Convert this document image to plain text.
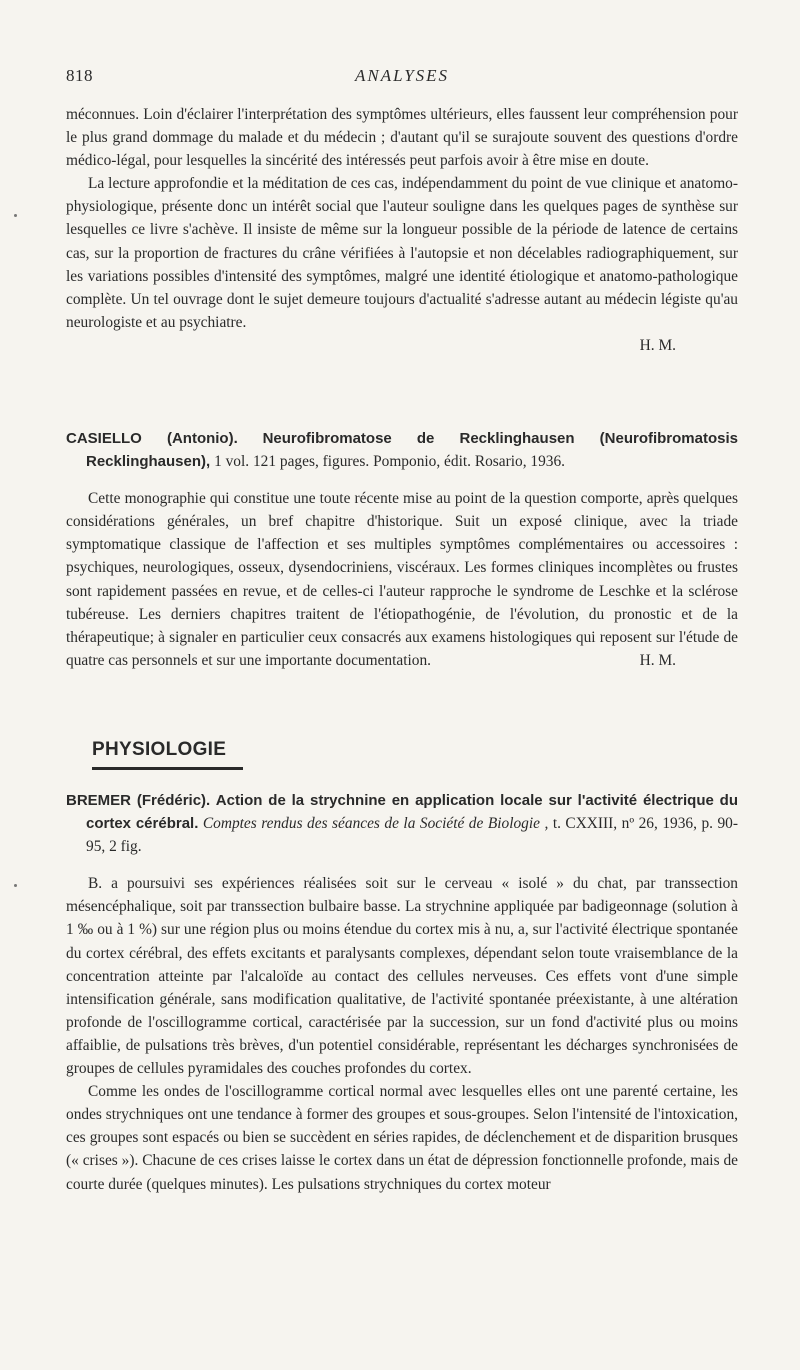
818	ANALYSES

méconnues. Loin d'éclairer l'interprétation des symptômes ultérieurs, elles faussent leur compréhension pour le plus grand dommage du malade et du médecin ; d'autant qu'il se surajoute souvent des questions d'ordre médico-légal, pour lesquelles la sincérité des intéressés peut parfois avoir à être mise en doute.

La lecture approfondie et la méditation de ces cas, indépendamment du point de vue clinique et anatomo-physiologique, présente donc un intérêt social que l'auteur souligne dans les quelques pages de synthèse sur lesquelles ce livre s'achève. Il insiste de même sur la longueur possible de la période de latence de certains cas, sur la proportion de fractures du crâne vérifiées à l'autopsie et non décelables radiographiquement, sur les variations possibles d'intensité des symptômes, malgré une identité étiologique et anatomo-pathologique complète. Un tel ouvrage dont le sujet demeure toujours d'actualité s'adresse autant au médecin légiste qu'au neurologiste et au psychiatre.

H. M.
CASIELLO (Antonio). Neurofibromatose de Recklinghausen (Neurofibromatosis Recklinghausen), 1 vol. 121 pages, figures. Pomponio, édit. Rosario, 1936.

Cette monographie qui constitue une toute récente mise au point de la question comporte, après quelques considérations générales, un bref chapitre d'historique. Suit un exposé clinique, avec la triade symptomatique classique de l'affection et ses multiples symptômes complémentaires ou accessoires : psychiques, neurologiques, osseux, dysendocriniens, viscéraux. Les formes cliniques incomplètes ou frustes sont rapidement passées en revue, et de celles-ci l'auteur rapproche le syndrome de Leschke et la sclérose tubéreuse. Les derniers chapitres traitent de l'étiopathogénie, de l'évolution, du pronostic et de la thérapeutique; à signaler en particulier ceux consacrés aux examens histologiques qui reposent sur l'étude de quatre cas personnels et sur une importante documentation.	H. M.
PHYSIOLOGIE
BREMER (Frédéric). Action de la strychnine en application locale sur l'activité électrique du cortex cérébral. Comptes rendus des séances de la Société de Biologie , t. CXXIII, nº 26, 1936, p. 90-95, 2 fig.

B. a poursuivi ses expériences réalisées soit sur le cerveau « isolé » du chat, par transsection mésencéphalique, soit par transsection bulbaire basse. La strychnine appliquée par badigeonnage (solution à 1 ‰ ou à 1 %) sur une région plus ou moins étendue du cortex mis à nu, a, sur l'activité électrique spontanée du cortex cérébral, des effets excitants et paralysants complexes, dépendant selon toute vraisemblance de la concentration atteinte par l'alcaloïde au contact des cellules nerveuses. Ces effets vont d'une simple intensification générale, sans modification qualitative, de l'activité spontanée préexistante, à une altération profonde de l'oscillogramme cortical, caractérisée par la succession, sur un fond d'activité plus ou moins affaiblie, de pulsations très brèves, d'un potentiel considérable, représentant les décharges synchronisées de groupes de cellules pyramidales des couches profondes du cortex.

Comme les ondes de l'oscillogramme cortical normal avec lesquelles elles ont une parenté certaine, les ondes strychniques ont une tendance à former des groupes et sous-groupes. Selon l'intensité de l'intoxication, ces groupes sont espacés ou bien se succèdent en séries rapides, de déclenchement et de disparition brusques (« crises »). Chacune de ces crises laisse le cortex dans un état de dépression fonctionnelle profonde, mais de courte durée (quelques minutes). Les pulsations strychniques du cortex moteur
